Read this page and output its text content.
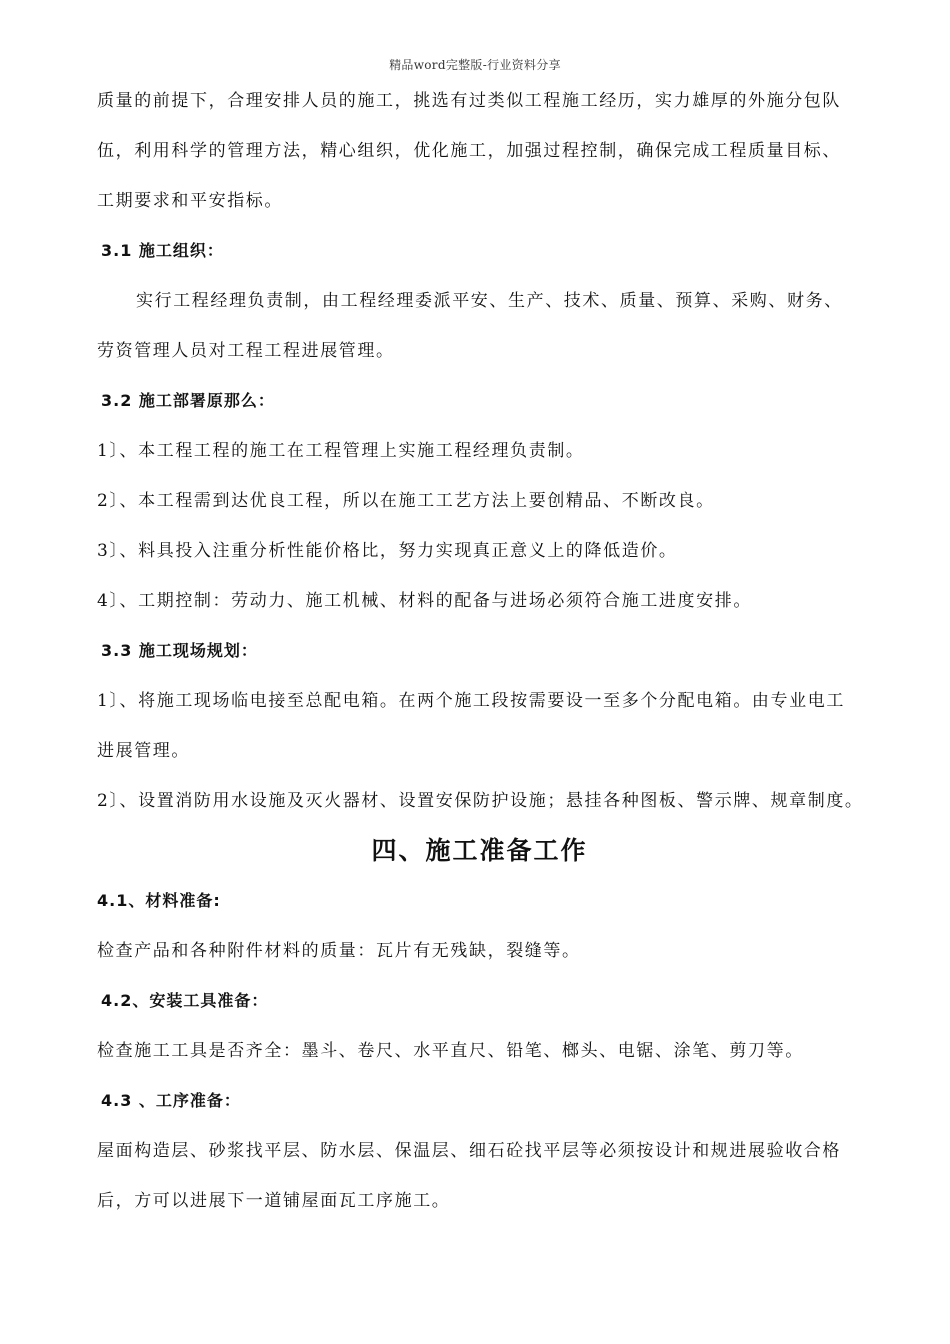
精品word完整版-行业资料分享
质量的前提下，合理安排人员的施工，挑选有过类似工程施工经历，实力雄厚的外施分包队
伍，利用科学的管理方法，精心组织，优化施工，加强过程控制，确保完成工程质量目标、
工期要求和平安指标。
3.1 施工组织：
实行工程经理负责制，由工程经理委派平安、生产、技术、质量、预算、采购、财务、
劳资管理人员对工程工程进展管理。
3.2 施工部署原那么：
1〕、本工程工程的施工在工程管理上实施工程经理负责制。
2〕、本工程需到达优良工程，所以在施工工艺方法上要创精品、不断改良。
3〕、料具投入注重分析性能价格比，努力实现真正意义上的降低造价。
4〕、工期控制：劳动力、施工机械、材料的配备与进场必须符合施工进度安排。
3.3 施工现场规划：
1〕、将施工现场临电接至总配电箱。在两个施工段按需要设一至多个分配电箱。由专业电工
进展管理。
2〕、设置消防用水设施及灭火器材、设置安保防护设施；悬挂各种图板、警示牌、规章制度。
四、施工准备工作
4.1、材料准备:
检查产品和各种附件材料的质量：瓦片有无残缺，裂缝等。
4.2、安装工具准备：
检查施工工具是否齐全：墨斗、卷尺、水平直尺、铅笔、榔头、电锯、涂笔、剪刀等。
4.3 、工序准备：
屋面构造层、砂浆找平层、防水层、保温层、细石砼找平层等必须按设计和规进展验收合格
后，方可以进展下一道铺屋面瓦工序施工。
